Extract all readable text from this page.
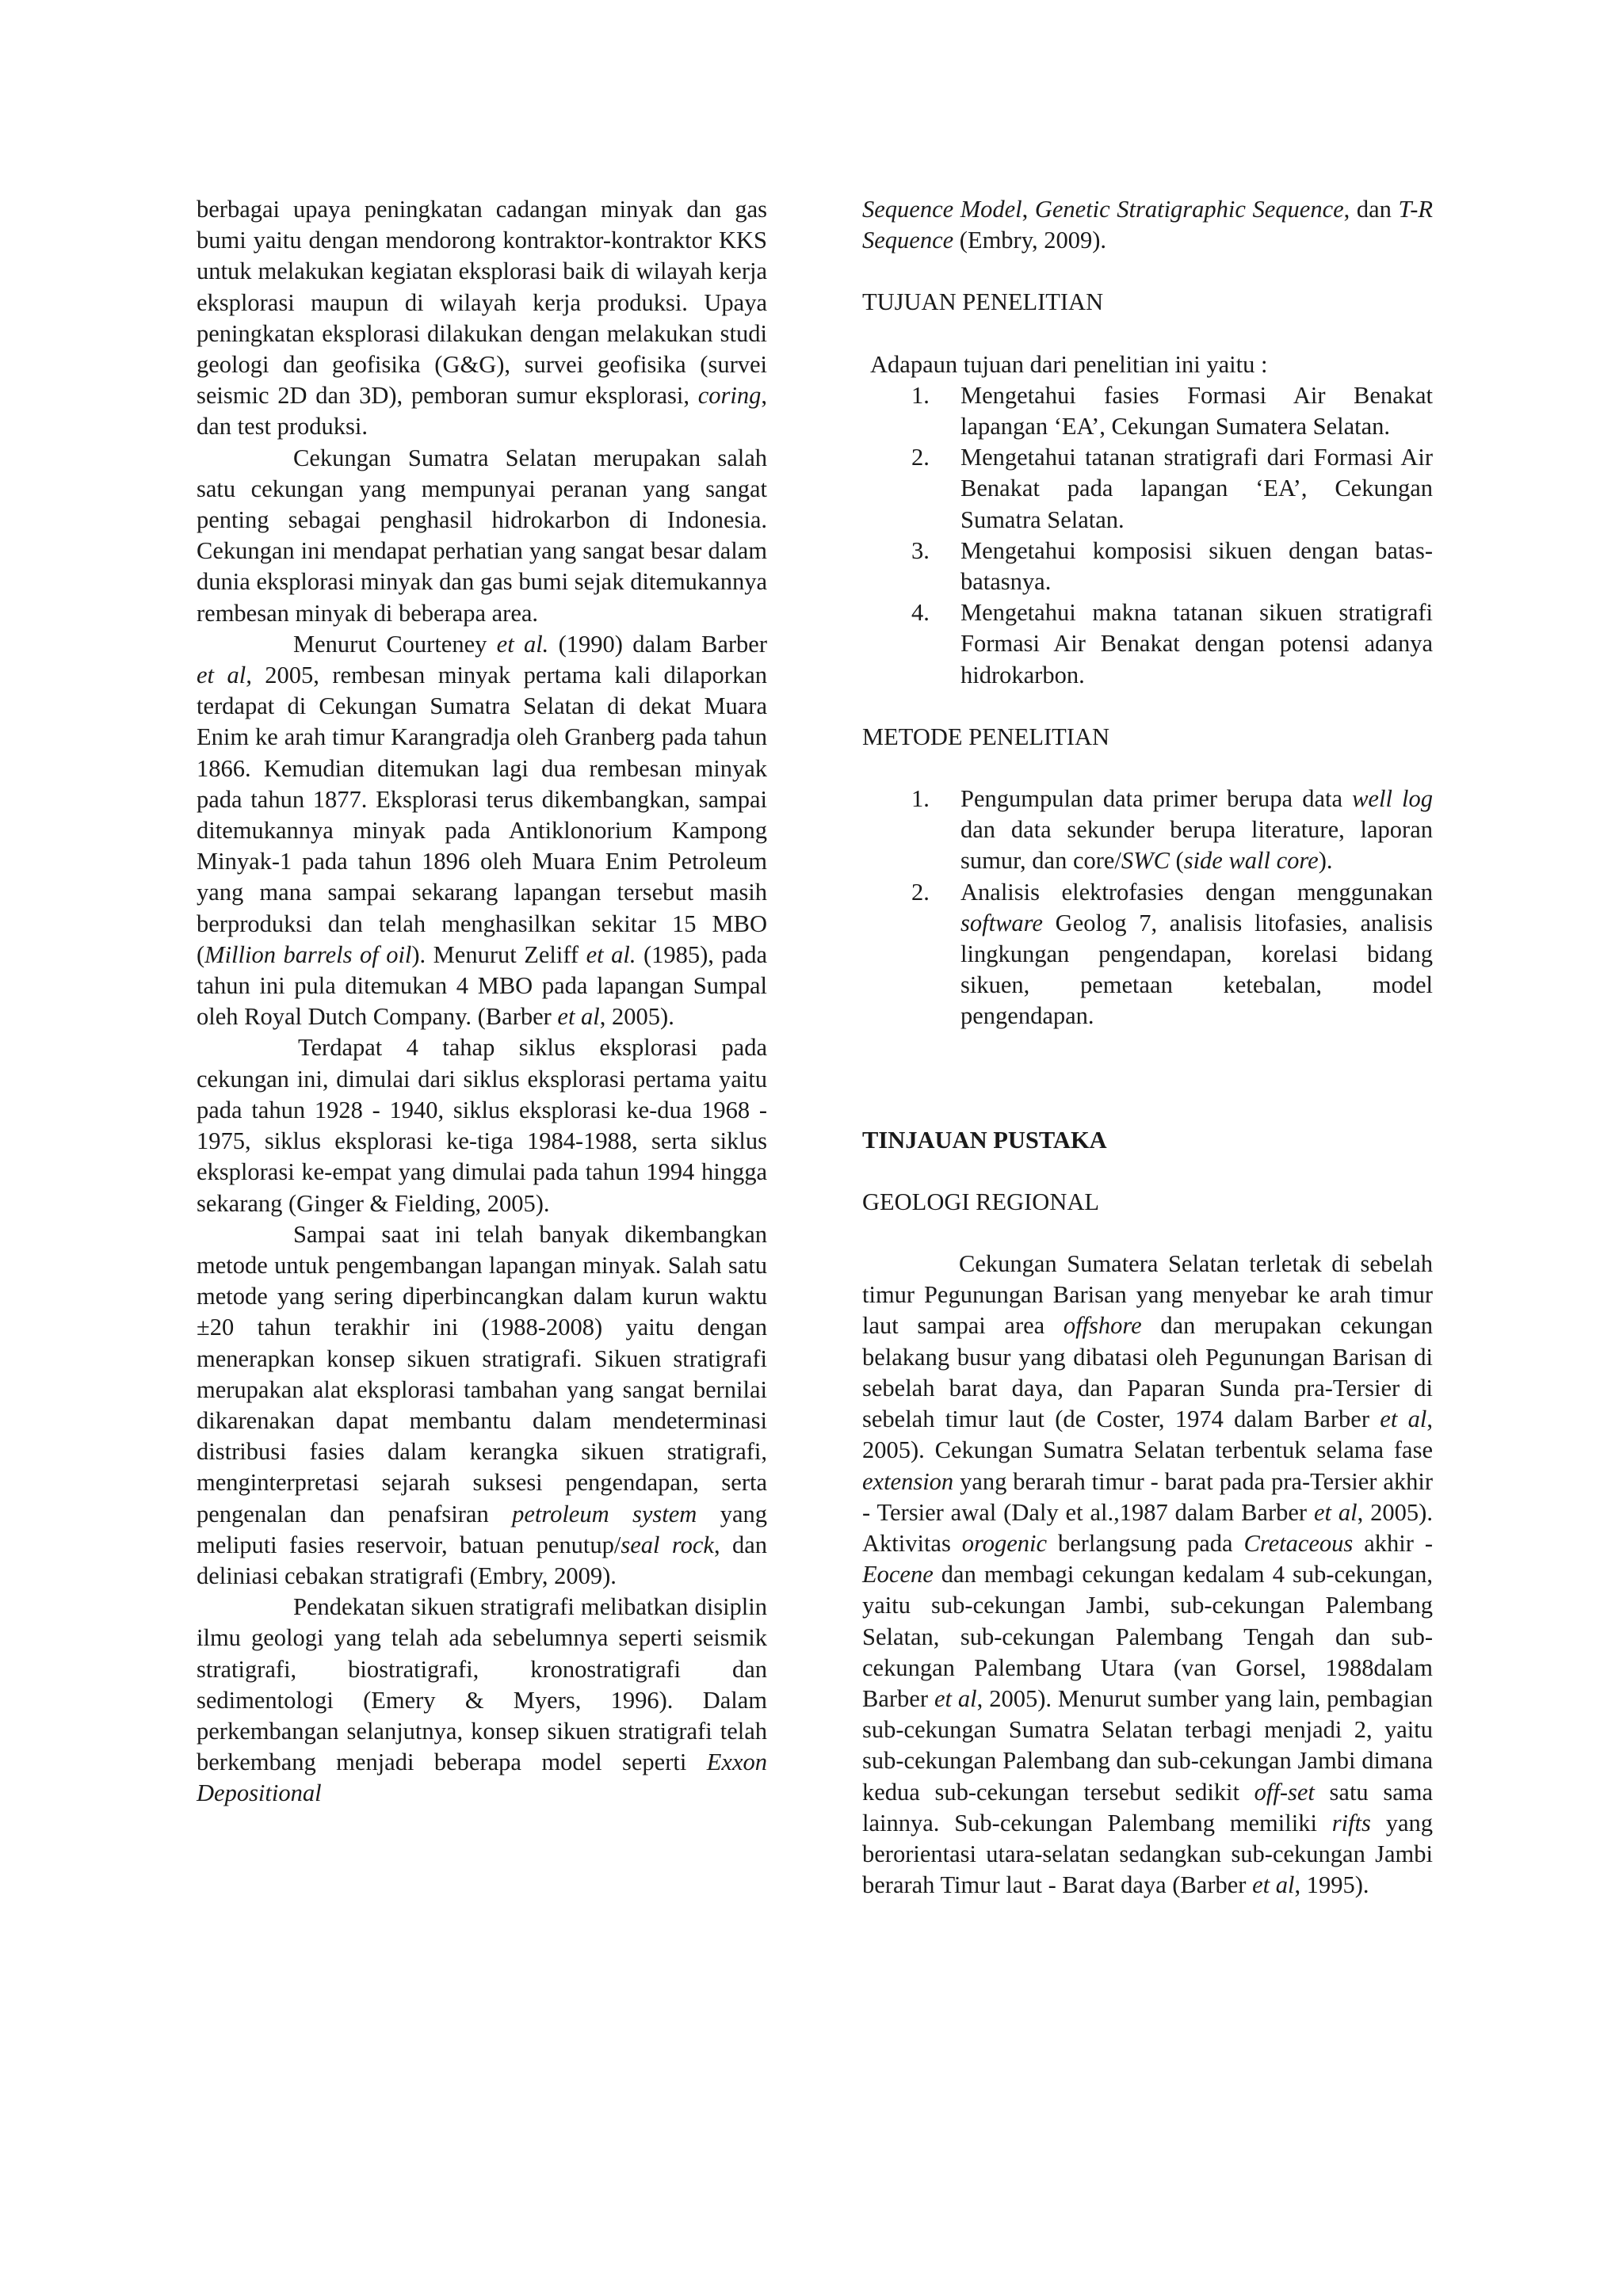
berbagai upaya peningkatan cadangan minyak dan gas bumi yaitu dengan mendorong kontraktor-kontraktor KKS untuk melakukan kegiatan eksplorasi baik di wilayah kerja eksplorasi maupun di wilayah kerja produksi. Upaya peningkatan eksplorasi dilakukan dengan melakukan studi geologi dan geofisika (G&G), survei geofisika (survei seismic 2D dan 3D), pemboran sumur eksplorasi, coring, dan test produksi.

Cekungan Sumatra Selatan merupakan salah satu cekungan yang mempunyai peranan yang sangat penting sebagai penghasil hidrokarbon di Indonesia. Cekungan ini mendapat perhatian yang sangat besar dalam dunia eksplorasi minyak dan gas bumi sejak ditemukannya rembesan minyak di beberapa area.

Menurut Courteney et al. (1990) dalam Barber et al, 2005, rembesan minyak pertama kali dilaporkan terdapat di Cekungan Sumatra Selatan di dekat Muara Enim ke arah timur Karangradja oleh Granberg pada tahun 1866. Kemudian ditemukan lagi dua rembesan minyak pada tahun 1877. Eksplorasi terus dikembangkan, sampai ditemukannya minyak pada Antiklonorium Kampong Minyak-1 pada tahun 1896 oleh Muara Enim Petroleum yang mana sampai sekarang lapangan tersebut masih berproduksi dan telah menghasilkan sekitar 15 MBO (Million barrels of oil). Menurut Zeliff et al. (1985), pada tahun ini pula ditemukan 4 MBO pada lapangan Sumpal oleh Royal Dutch Company. (Barber et al, 2005).

Terdapat 4 tahap siklus eksplorasi pada cekungan ini, dimulai dari siklus eksplorasi pertama yaitu pada tahun 1928 - 1940, siklus eksplorasi ke-dua 1968 - 1975, siklus eksplorasi ke-tiga 1984-1988, serta siklus eksplorasi ke-empat yang dimulai pada tahun 1994 hingga sekarang (Ginger & Fielding, 2005).

Sampai saat ini telah banyak dikembangkan metode untuk pengembangan lapangan minyak. Salah satu metode yang sering diperbincangkan dalam kurun waktu ±20 tahun terakhir ini (1988-2008) yaitu dengan menerapkan konsep sikuen stratigrafi. Sikuen stratigrafi merupakan alat eksplorasi tambahan yang sangat bernilai dikarenakan dapat membantu dalam mendeterminasi distribusi fasies dalam kerangka sikuen stratigrafi, menginterpretasi sejarah suksesi pengendapan, serta pengenalan dan penafsiran petroleum system yang meliputi fasies reservoir, batuan penutup/seal rock, dan deliniasi cebakan stratigrafi (Embry, 2009).

Pendekatan sikuen stratigrafi melibatkan disiplin ilmu geologi yang telah ada sebelumnya seperti seismik stratigrafi, biostratigrafi, kronostratigrafi dan sedimentologi (Emery & Myers, 1996). Dalam perkembangan selanjutnya, konsep sikuen stratigrafi telah berkembang menjadi beberapa model seperti Exxon Depositional

Sequence Model, Genetic Stratigraphic Sequence, dan T-R Sequence (Embry, 2009).

TUJUAN PENELITIAN

Adapaun tujuan dari penelitian ini yaitu :

1. Mengetahui fasies Formasi Air Benakat lapangan ‘EA’, Cekungan Sumatera Selatan.
2. Mengetahui tatanan stratigrafi dari Formasi Air Benakat pada lapangan ‘EA’, Cekungan Sumatra Selatan.
3. Mengetahui komposisi sikuen dengan batas-batasnya.
4. Mengetahui makna tatanan sikuen stratigrafi Formasi Air Benakat dengan potensi adanya hidrokarbon.
METODE PENELITIAN
1. Pengumpulan data primer berupa data well log dan data sekunder berupa literature, laporan sumur, dan core/SWC (side wall core).
2. Analisis elektrofasies dengan menggunakan software Geolog 7, analisis litofasies, analisis lingkungan pengendapan, korelasi bidang sikuen, pemetaan ketebalan, model pengendapan.
TINJAUAN PUSTAKA
GEOLOGI REGIONAL

Cekungan Sumatera Selatan terletak di sebelah timur Pegunungan Barisan yang menyebar ke arah timur laut sampai area offshore dan merupakan cekungan belakang busur yang dibatasi oleh Pegunungan Barisan di sebelah barat daya, dan Paparan Sunda pra-Tersier di sebelah timur laut (de Coster, 1974 dalam Barber et al, 2005). Cekungan Sumatra Selatan terbentuk selama fase extension yang berarah timur - barat pada pra-Tersier akhir - Tersier awal (Daly et al.,1987 dalam Barber et al, 2005). Aktivitas orogenic berlangsung pada Cretaceous akhir - Eocene dan membagi cekungan kedalam 4 sub-cekungan, yaitu sub-cekungan Jambi, sub-cekungan Palembang Selatan, sub-cekungan Palembang Tengah dan sub-cekungan Palembang Utara (van Gorsel, 1988dalam Barber et al, 2005). Menurut sumber yang lain, pembagian sub-cekungan Sumatra Selatan terbagi menjadi 2, yaitu sub-cekungan Palembang dan sub-cekungan Jambi dimana kedua sub-cekungan tersebut sedikit off-set satu sama lainnya. Sub-cekungan Palembang memiliki rifts yang berorientasi utara-selatan sedangkan sub-cekungan Jambi berarah Timur laut - Barat daya (Barber et al, 1995).
